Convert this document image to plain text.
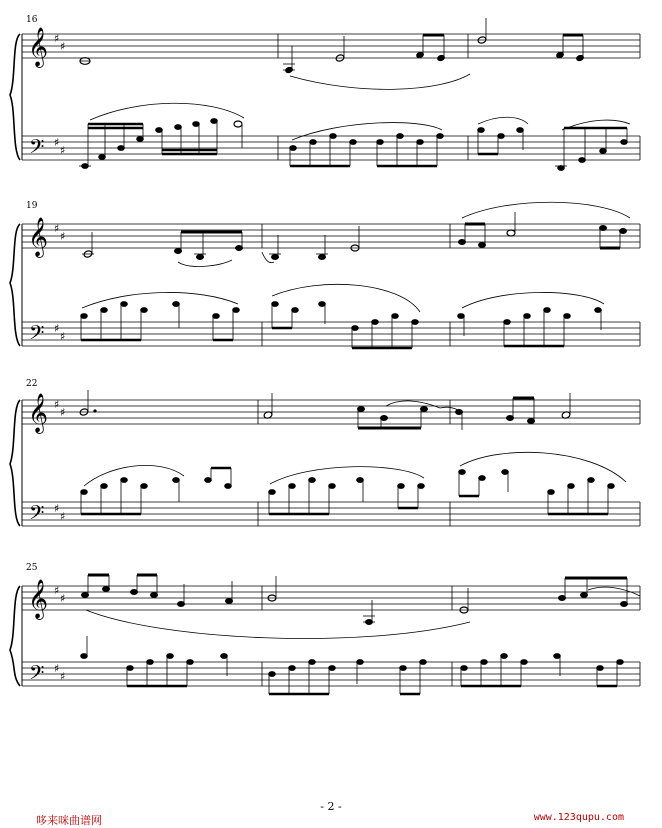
16
𝄞
𝄢
♯
♯
♯
♯
19
𝄞
𝄢
♯
♯
♯
♯
22
𝄞
𝄢
♯
♯
♯
♯
25
𝄞
𝄢
♯
♯
♯
♯
- 2 -
哆来咪曲谱网	www.123qupu.com
